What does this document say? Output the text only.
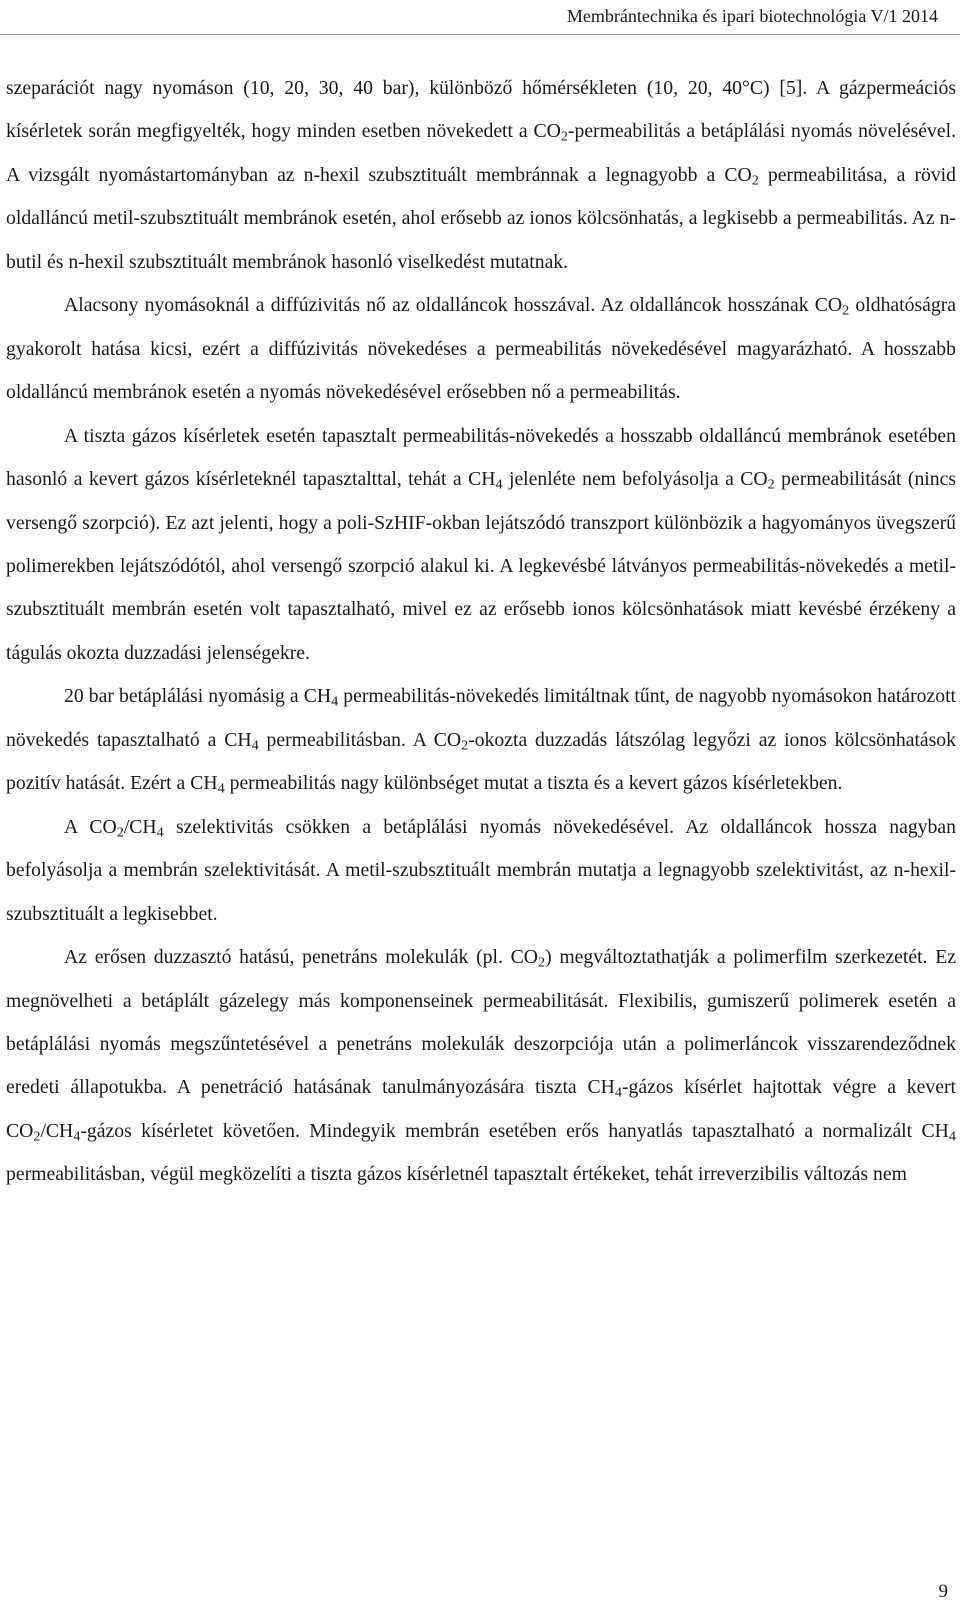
Membrántechnika és ipari biotechnológia V/1 2014

szeparációt nagy nyomáson (10, 20, 30, 40 bar), különböző hőmérsékleten (10, 20, 40°C) [5]. A gázpermeációs kísérletek során megfigyelték, hogy minden esetben növekedett a $CO_2$-permeabilitás a betáplálási nyomás növelésével. A vizsgált nyomástartományban az n-hexil szubsztituált membránnak a legnagyobb a $CO_2$ permeabilitása, a rövid oldalláncú metil-szubsztituált membránok esetén, ahol erősebb az ionos kölcsönhatás, a legkisebb a permeabilitás. Az n-butil és n-hexil szubsztituált membránok hasonló viselkedést mutatnak.

Alacsony nyomásoknál a diffúzivitás nő az oldalláncok hosszával. Az oldalláncok hosszának $CO_2$ oldhatóságra gyakorolt hatása kicsi, ezért a diffúzivitás növekedéses a permeabilitás növekedésével magyarázható. A hosszabb oldalláncú membránok esetén a nyomás növekedésével erősebben nő a permeabilitás.

A tiszta gázos kísérletek esetén tapasztalt permeabilitás-növekedés a hosszabb oldalláncú membránok esetében hasonló a kevert gázos kísérleteknél tapasztalttal, tehát a $CH_4$ jelenléte nem befolyásolja a $CO_2$ permeabilitását (nincs versengő szorpció). Ez azt jelenti, hogy a poli-SzHIF-okban lejátszódó transzport különbözik a hagyományos üvegszerű polimerekben lejátszódótól, ahol versengő szorpció alakul ki. A legkevésbé látványos permeabilitás-növekedés a metil-szubsztituált membrán esetén volt tapasztalható, mivel ez az erősebb ionos kölcsönhatások miatt kevésbé érzékeny a tágulás okozta duzzadási jelenségekre.

20 bar betáplálási nyomásig a $CH_4$ permeabilitás-növekedés limitáltnak tűnt, de nagyobb nyomásokon határozott növekedés tapasztalható a $CH_4$ permeabilitásban. A $CO_2$-okozta duzzadás látszólag legyőzi az ionos kölcsönhatások pozitív hatását. Ezért a $CH_4$ permeabilitás nagy különbséget mutat a tiszta és a kevert gázos kísérletekben.

A $CO_2/CH_4$ szelektivitás csökken a betáplálási nyomás növekedésével. Az oldalláncok hossza nagyban befolyásolja a membrán szelektivitását. A metil-szubsztituált membrán mutatja a legnagyobb szelektivitást, az n-hexil-szubsztituált a legkisebbet.

Az erősen duzzasztó hatású, penetráns molekulák (pl. $CO_2$) megváltoztathatják a polimerfilm szerkezetét. Ez megnövelheti a betáplált gázelegy más komponenseinek permeabilitását. Flexibilis, gumiszerű polimerek esetén a betáplálási nyomás megszűntetésével a penetráns molekulák deszorpciója után a polimerláncok visszarendeződnek eredeti állapotukba. A penetráció hatásának tanulmányozására tiszta $CH_4$-gázos kísérlet hajtottak végre a kevert $CO_2/CH_4$-gázos kísérletet követően. Mindegyik membrán esetében erős hanyatlás tapasztalható a normalizált $CH_4$ permeabilitásban, végül megközelíti a tiszta gázos kísérletnél tapasztalt értékeket, tehát irreverzibilis változás nem

9
